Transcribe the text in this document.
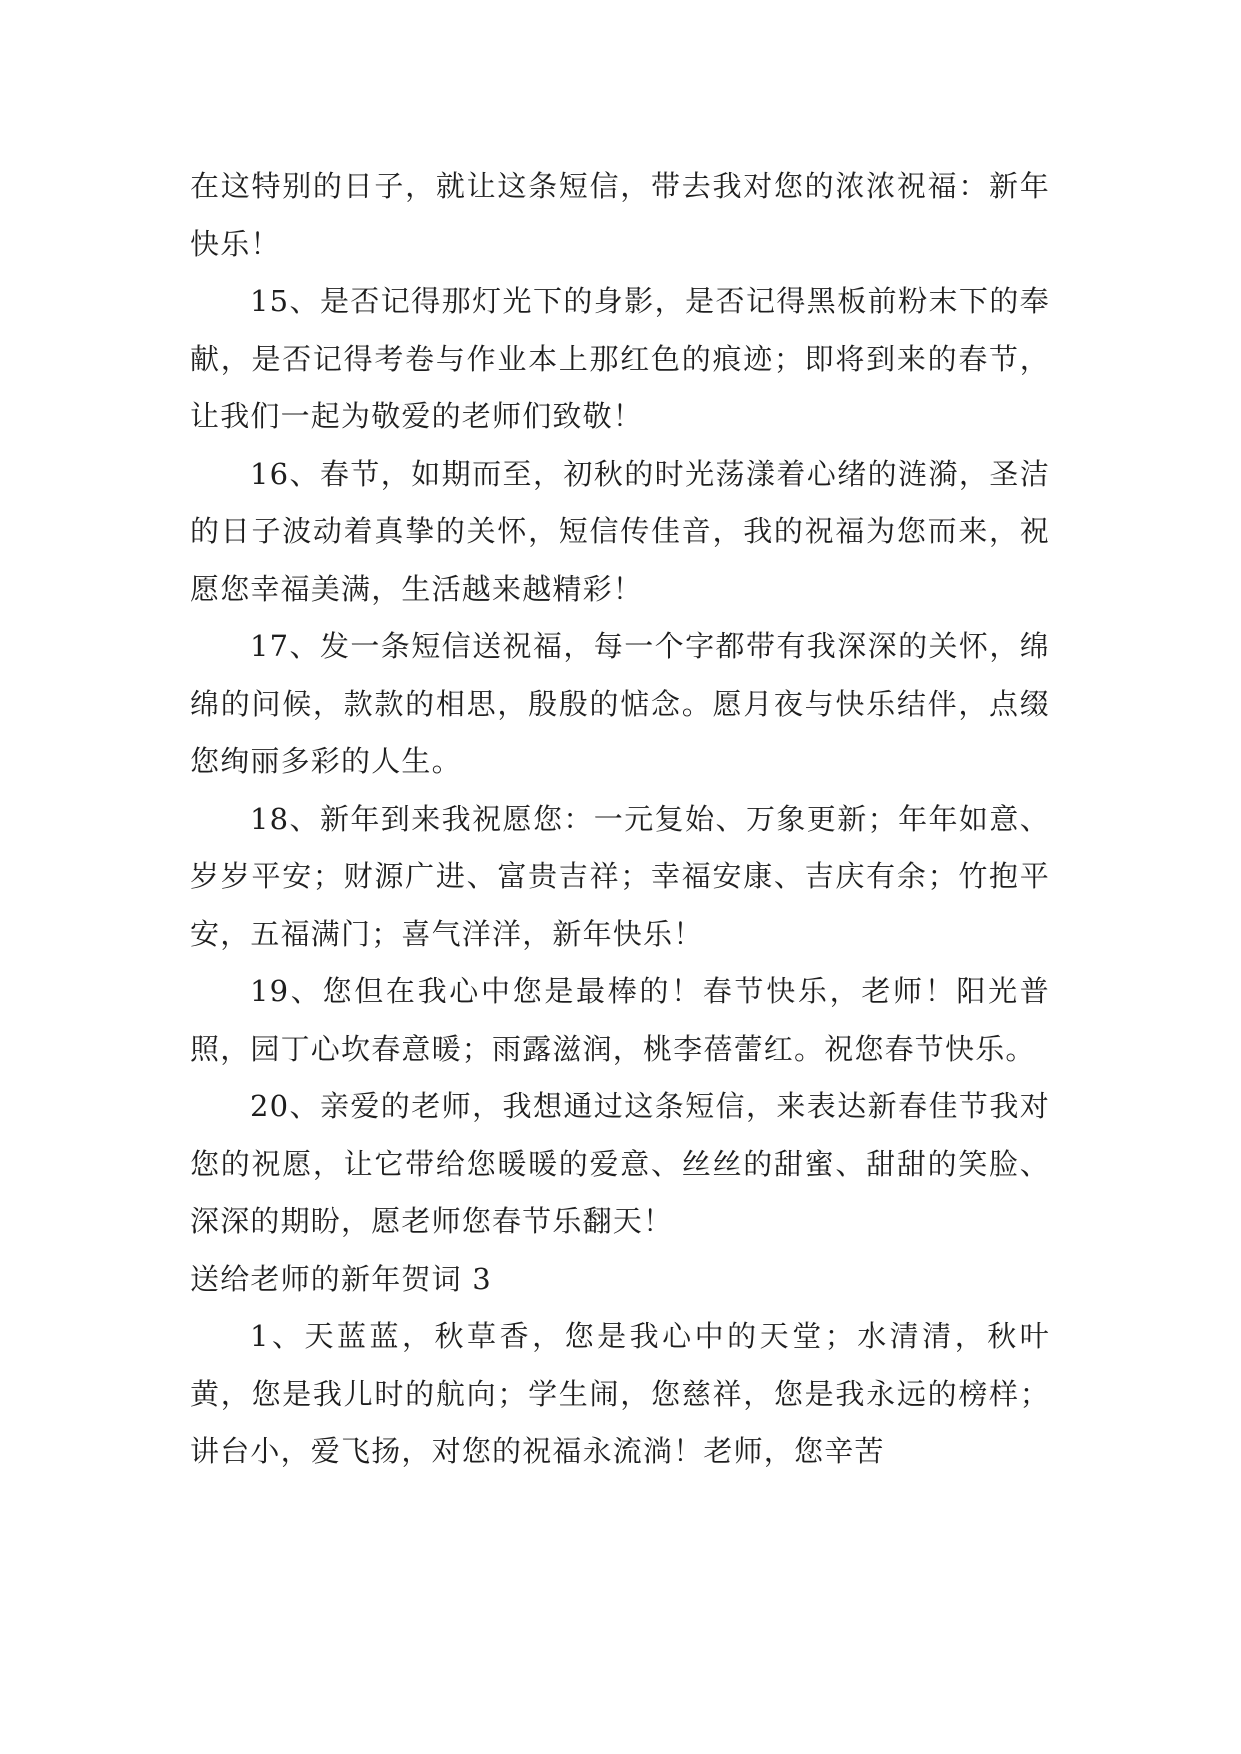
在这特别的日子，就让这条短信，带去我对您的浓浓祝福：新年快乐！

15、是否记得那灯光下的身影，是否记得黑板前粉末下的奉献，是否记得考卷与作业本上那红色的痕迹；即将到来的春节，让我们一起为敬爱的老师们致敬！

16、春节，如期而至，初秋的时光荡漾着心绪的涟漪，圣洁的日子波动着真挚的关怀，短信传佳音，我的祝福为您而来，祝愿您幸福美满，生活越来越精彩！

17、发一条短信送祝福，每一个字都带有我深深的关怀，绵绵的问候，款款的相思，殷殷的惦念。愿月夜与快乐结伴，点缀您绚丽多彩的人生。

18、新年到来我祝愿您：一元复始、万象更新；年年如意、岁岁平安；财源广进、富贵吉祥；幸福安康、吉庆有余；竹抱平安，五福满门；喜气洋洋，新年快乐！

19、您但在我心中您是最棒的！春节快乐，老师！阳光普照，园丁心坎春意暖；雨露滋润，桃李蓓蕾红。祝您春节快乐。

20、亲爱的老师，我想通过这条短信，来表达新春佳节我对您的祝愿，让它带给您暖暖的爱意、丝丝的甜蜜、甜甜的笑脸、深深的期盼，愿老师您春节乐翻天！

送给老师的新年贺词 3

1、天蓝蓝，秋草香，您是我心中的天堂；水清清，秋叶黄，您是我儿时的航向；学生闹，您慈祥，您是我永远的榜样；讲台小，爱飞扬，对您的祝福永流淌！老师，您辛苦
